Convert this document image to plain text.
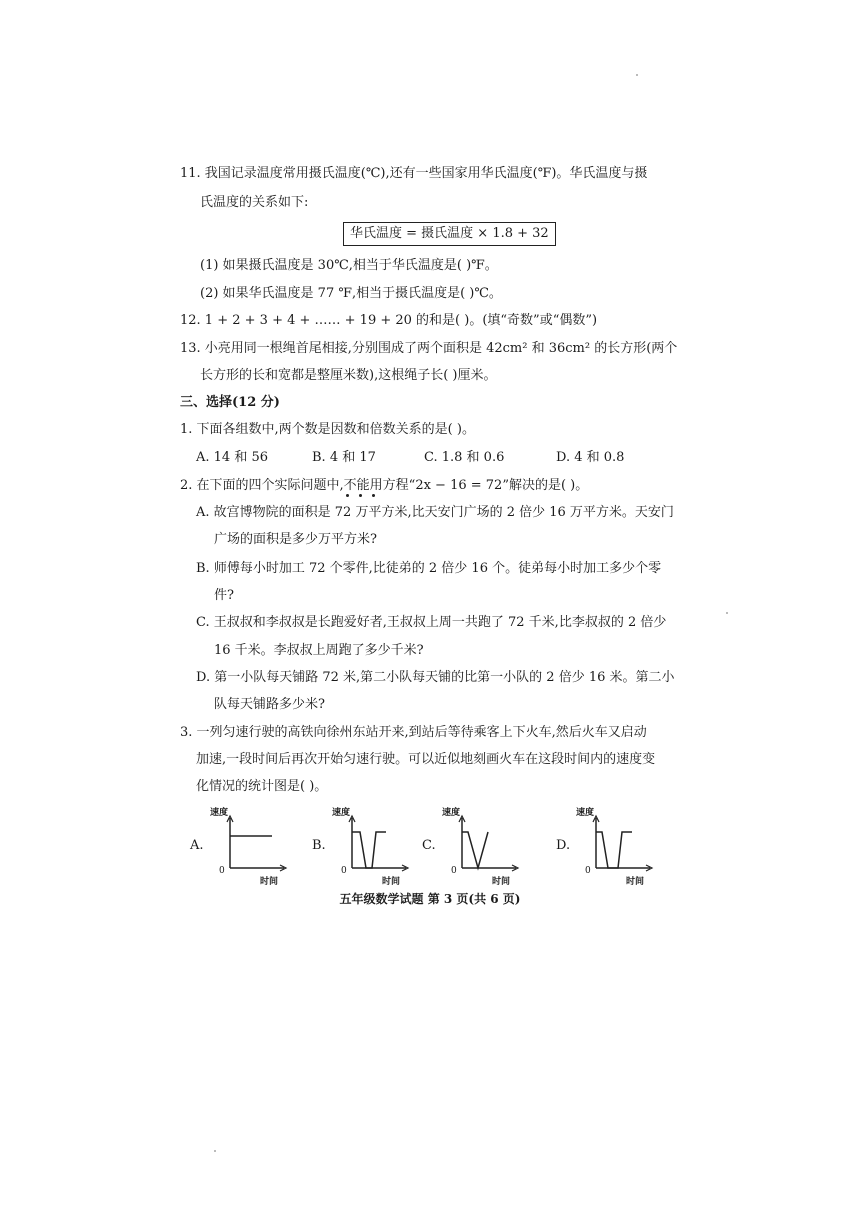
11. 我国记录温度常用摄氏温度(℃),还有一些国家用华氏温度(℉)。华氏温度与摄
氏温度的关系如下:
华氏温度 = 摄氏温度 × 1.8 + 32
(1) 如果摄氏温度是 30℃,相当于华氏温度是( )℉。
(2) 如果华氏温度是 77 ℉,相当于摄氏温度是( )℃。
12. 1 + 2 + 3 + 4 + …… + 19 + 20 的和是( )。(填“奇数”或“偶数”)
13. 小亮用同一根绳首尾相接,分别围成了两个面积是 42cm² 和 36cm² 的长方形(两个
长方形的长和宽都是整厘米数),这根绳子长( )厘米。
三、选择(12 分)
1. 下面各组数中,两个数是因数和倍数关系的是( )。
A. 14 和 56	B. 4 和 17	C. 1.8 和 0.6	D. 4 和 0.8
2. 在下面的四个实际问题中,不能用方程“2x − 16 = 72”解决的是( )。
A. 故宫博物院的面积是 72 万平方米,比天安门广场的 2 倍少 16 万平方米。天安门
广场的面积是多少万平方米?
B. 师傅每小时加工 72 个零件,比徒弟的 2 倍少 16 个。徒弟每小时加工多少个零
件?
C. 王叔叔和李叔叔是长跑爱好者,王叔叔上周一共跑了 72 千米,比李叔叔的 2 倍少
16 千米。李叔叔上周跑了多少千米?
D. 第一小队每天铺路 72 米,第二小队每天铺的比第一小队的 2 倍少 16 米。第二小
队每天铺路多少米?
3. 一列匀速行驶的高铁向徐州东站开来,到站后等待乘客上下火车,然后火车又启动
加速,一段时间后再次开始匀速行驶。可以近似地刻画火车在这段时间内的速度变
化情况的统计图是( )。
A.
速度
0
时间
B.
速度
0
时间
C.
速度
0
时间
D.
速度
0
时间
五年级数学试题 第 3 页(共 6 页)
